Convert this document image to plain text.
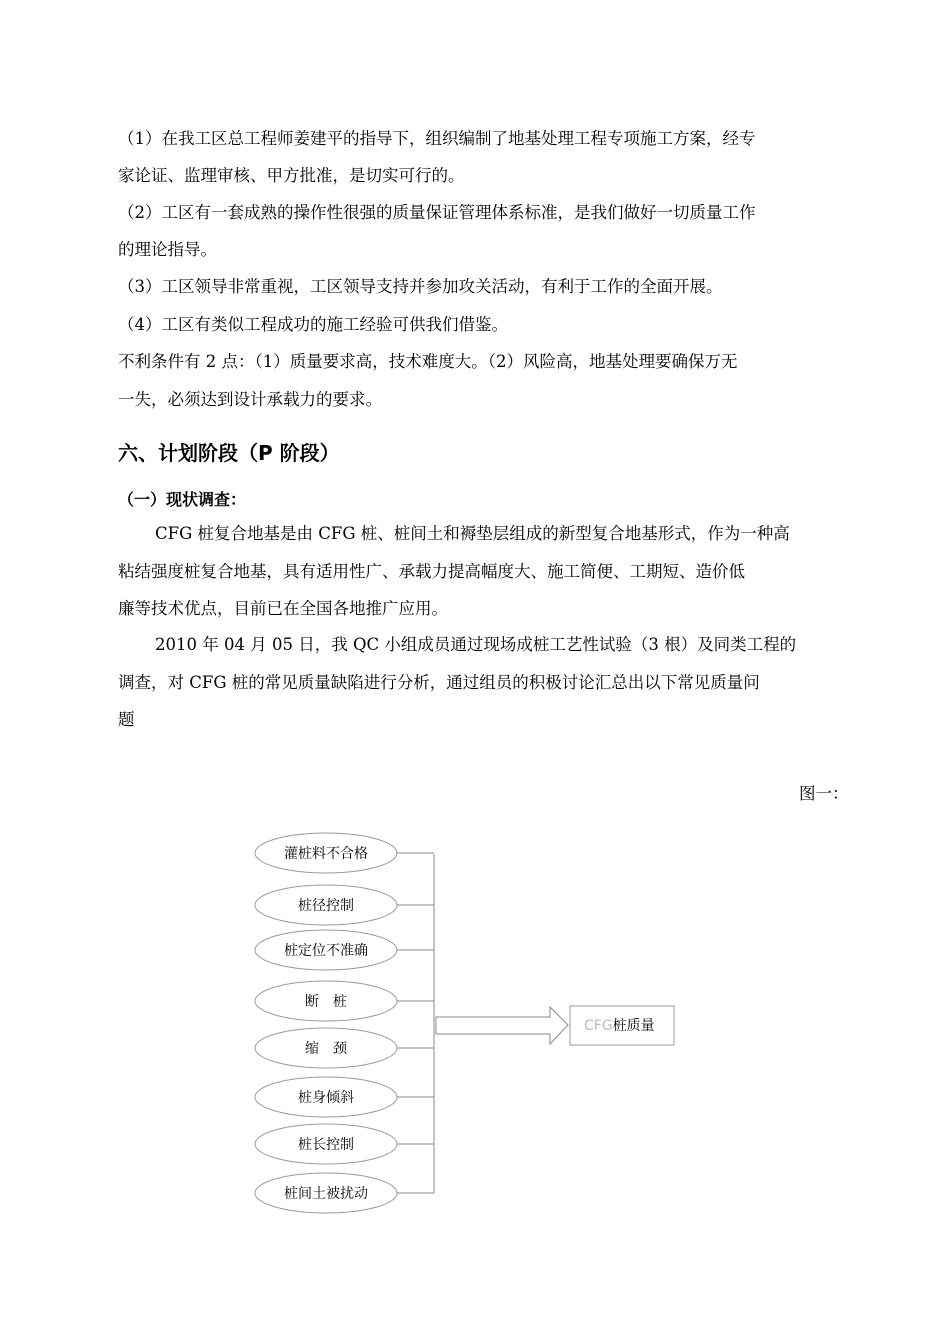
（1）在我工区总工程师姜建平的指导下，组织编制了地基处理工程专项施工方案，经专
家论证、监理审核、甲方批准，是切实可行的。
（2）工区有一套成熟的操作性很强的质量保证管理体系标准，是我们做好一切质量工作
的理论指导。
（3）工区领导非常重视，工区领导支持并参加攻关活动，有利于工作的全面开展。
（4）工区有类似工程成功的施工经验可供我们借鉴。
不利条件有 2 点：（1）质量要求高，技术难度大。（2）风险高，地基处理要确保万无
一失，必须达到设计承载力的要求。
六、计划阶段（P 阶段）
（一）现状调查：
CFG 桩复合地基是由 CFG 桩、桩间土和褥垫层组成的新型复合地基形式，作为一种高
粘结强度桩复合地基，具有适用性广、承载力提高幅度大、施工简便、工期短、造价低
廉等技术优点，目前已在全国各地推广应用。
2010 年 04 月 05 日，我 QC 小组成员通过现场成桩工艺性试验（3 根）及同类工程的
调查，对 CFG 桩的常见质量缺陷进行分析，通过组员的积极讨论汇总出以下常见质量问
题
图一：
灌桩料不合格
桩径控制
桩定位不准确
断　桩
缩　颈
桩身倾斜
桩长控制
桩间土被扰动
CFG桩质量
